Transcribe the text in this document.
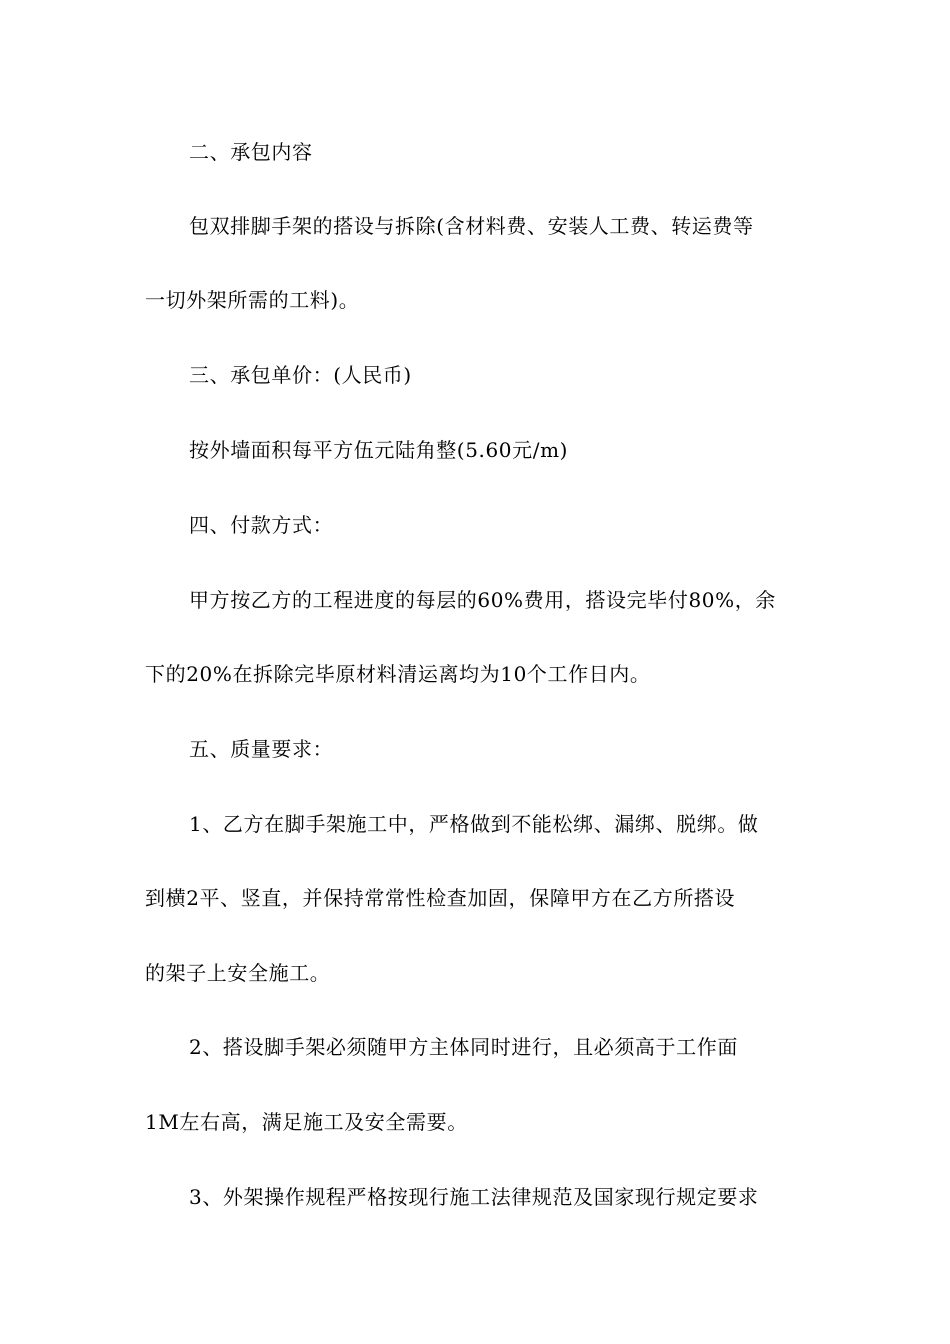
二、承包内容
包双排脚手架的搭设与拆除(含材料费、安装人工费、转运费等
一切外架所需的工料)。
三、承包单价：(人民币)
按外墙面积每平方伍元陆角整(5.60元/m)
四、付款方式：
甲方按乙方的工程进度的每层的60%费用，搭设完毕付80%，余
下的20%在拆除完毕原材料清运离均为10个工作日内。
五、质量要求：
1、乙方在脚手架施工中，严格做到不能松绑、漏绑、脱绑。做
到横2平、竖直，并保持常常性检查加固，保障甲方在乙方所搭设
的架子上安全施工。
2、搭设脚手架必须随甲方主体同时进行，且必须高于工作面
1M左右高，满足施工及安全需要。
3、外架操作规程严格按现行施工法律规范及国家现行规定要求
